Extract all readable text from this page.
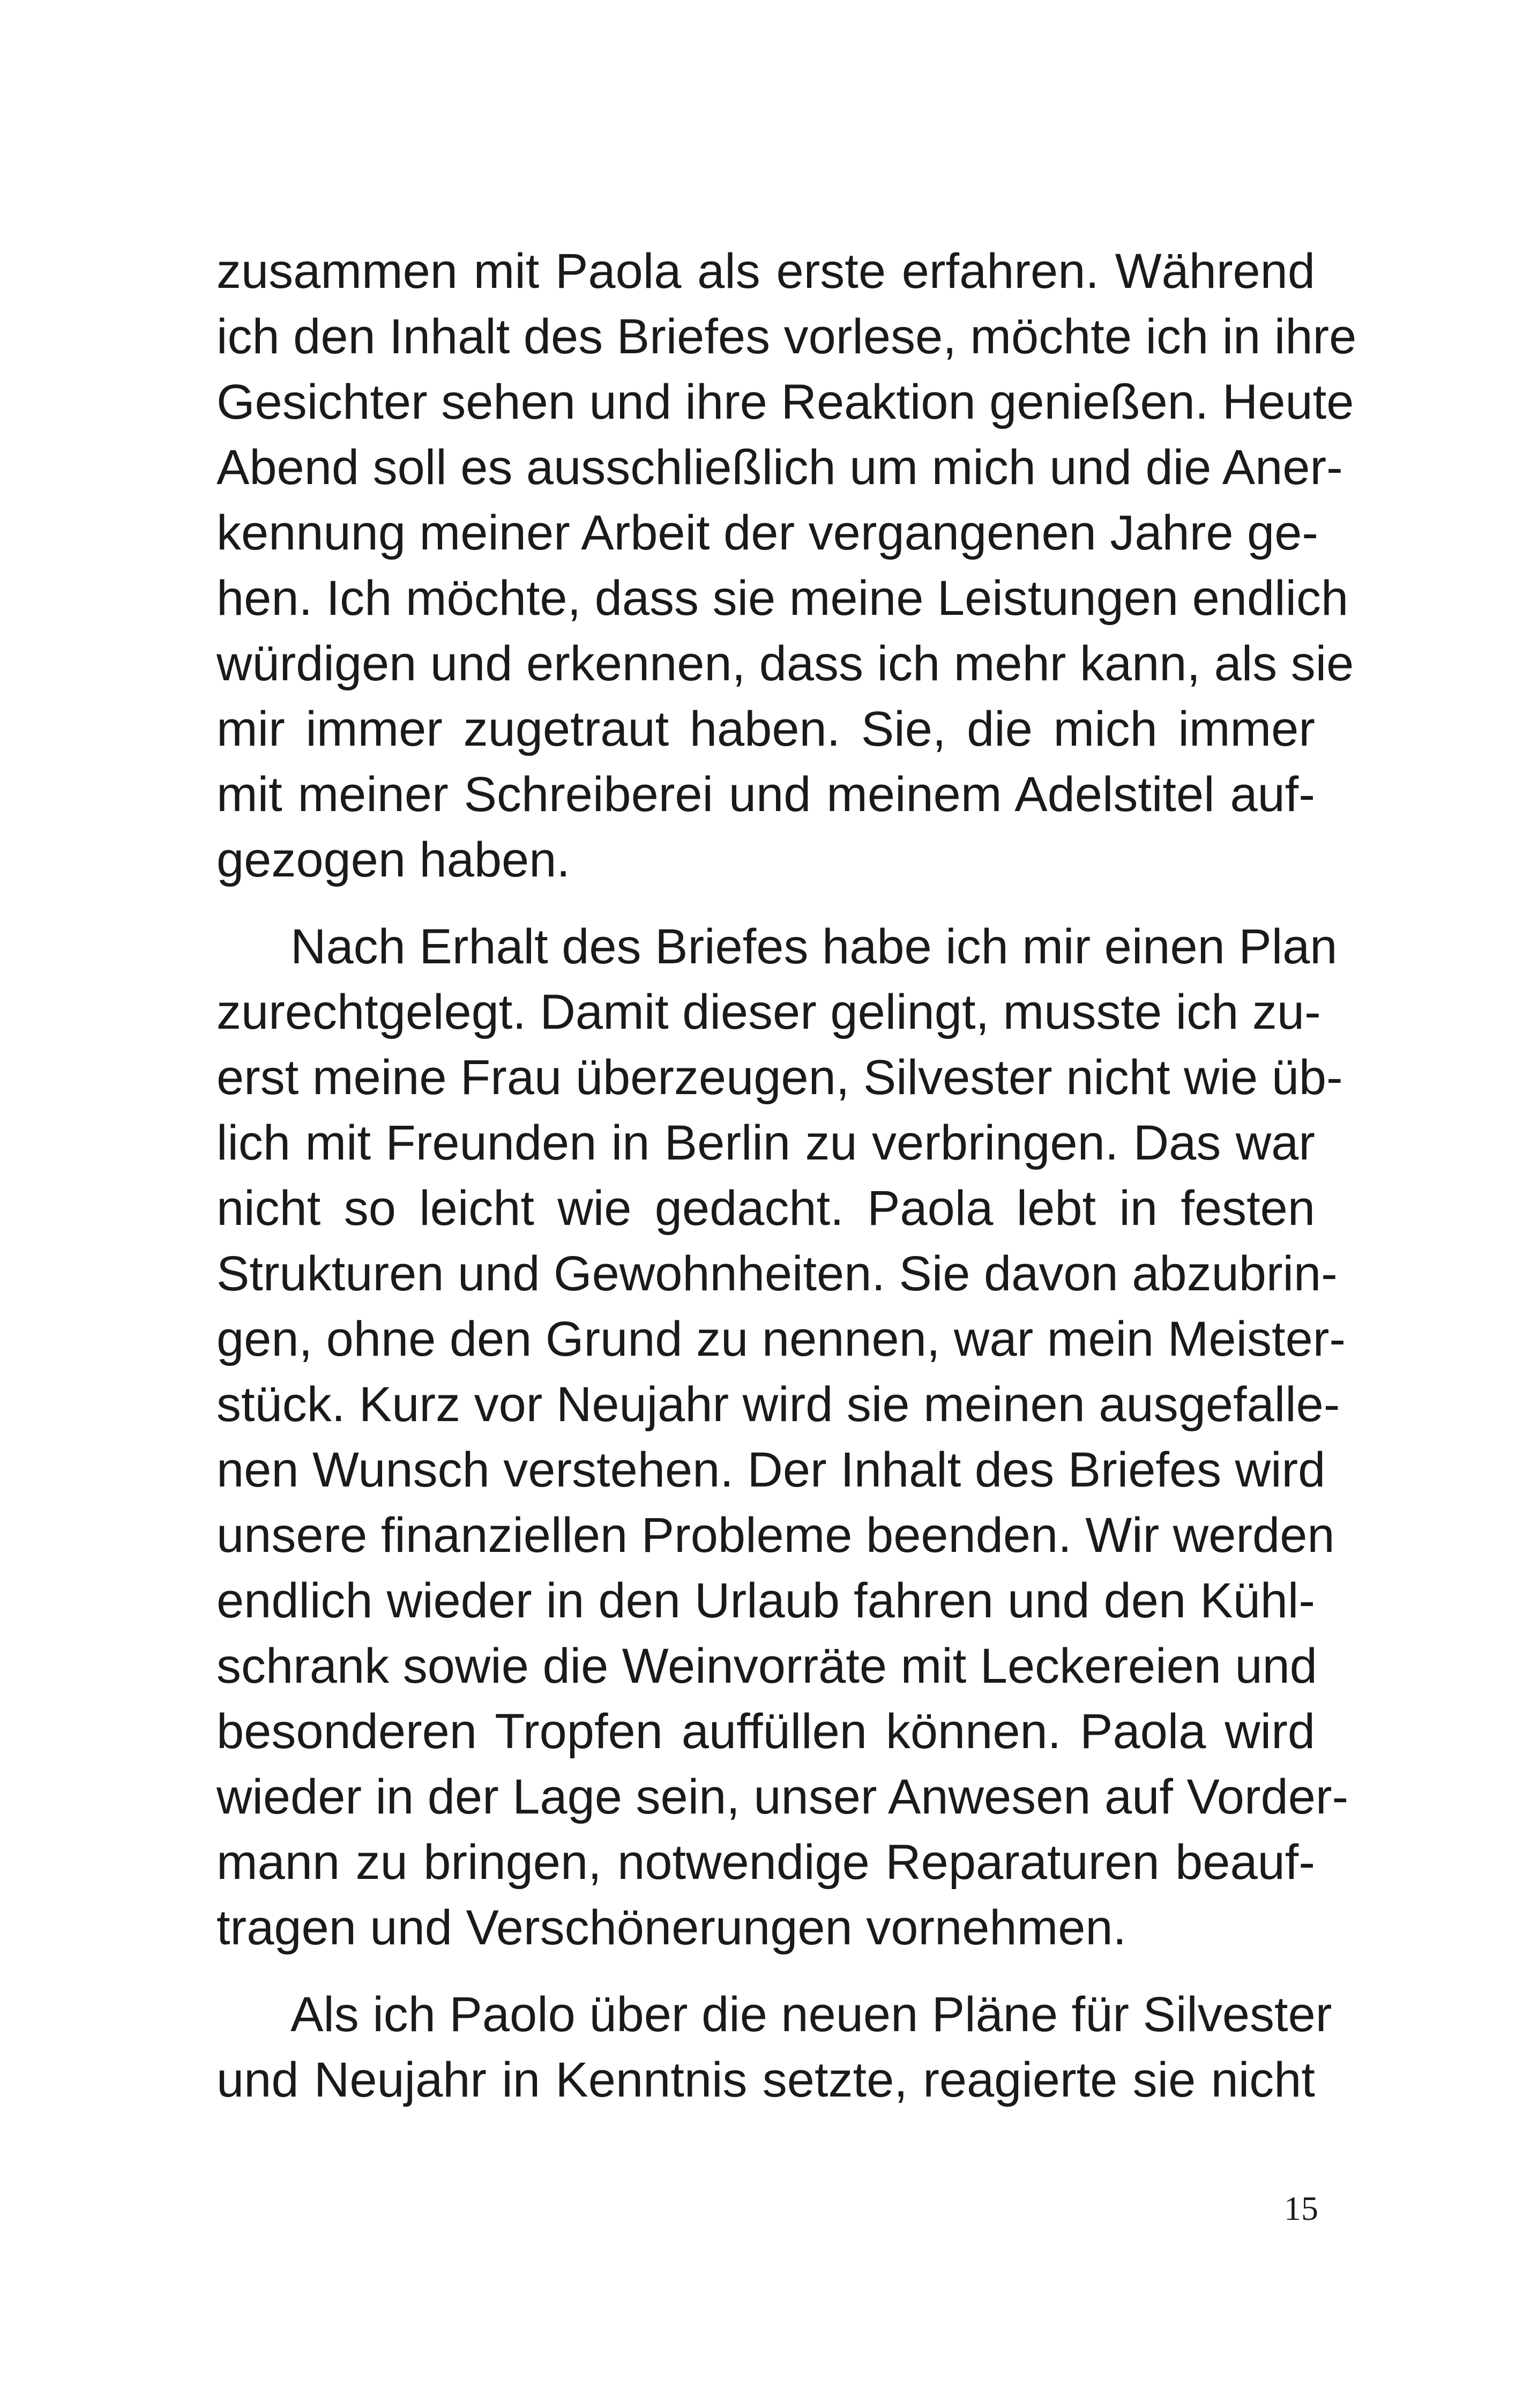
zusammen mit Paola als erste erfahren. Während
ich den Inhalt des Briefes vorlese, möchte ich in ihre
Gesichter sehen und ihre Reaktion genießen. Heute
Abend soll es ausschließlich um mich und die Aner-
kennung meiner Arbeit der vergangenen Jahre ge-
hen. Ich möchte, dass sie meine Leistungen endlich
würdigen und erkennen, dass ich mehr kann, als sie
mir immer zugetraut haben. Sie, die mich immer
mit meiner Schreiberei und meinem Adelstitel auf-
gezogen haben.
Nach Erhalt des Briefes habe ich mir einen Plan
zurechtgelegt. Damit dieser gelingt, musste ich zu-
erst meine Frau überzeugen, Silvester nicht wie üb-
lich mit Freunden in Berlin zu verbringen. Das war
nicht so leicht wie gedacht. Paola lebt in festen
Strukturen und Gewohnheiten. Sie davon abzubrin-
gen, ohne den Grund zu nennen, war mein Meister-
stück. Kurz vor Neujahr wird sie meinen ausgefalle-
nen Wunsch verstehen. Der Inhalt des Briefes wird
unsere finanziellen Probleme beenden. Wir werden
endlich wieder in den Urlaub fahren und den Kühl-
schrank sowie die Weinvorräte mit Leckereien und
besonderen Tropfen auffüllen können. Paola wird
wieder in der Lage sein, unser Anwesen auf Vorder-
mann zu bringen, notwendige Reparaturen beauf-
tragen und Verschönerungen vornehmen.
Als ich Paolo über die neuen Pläne für Silvester
und Neujahr in Kenntnis setzte, reagierte sie nicht
15
